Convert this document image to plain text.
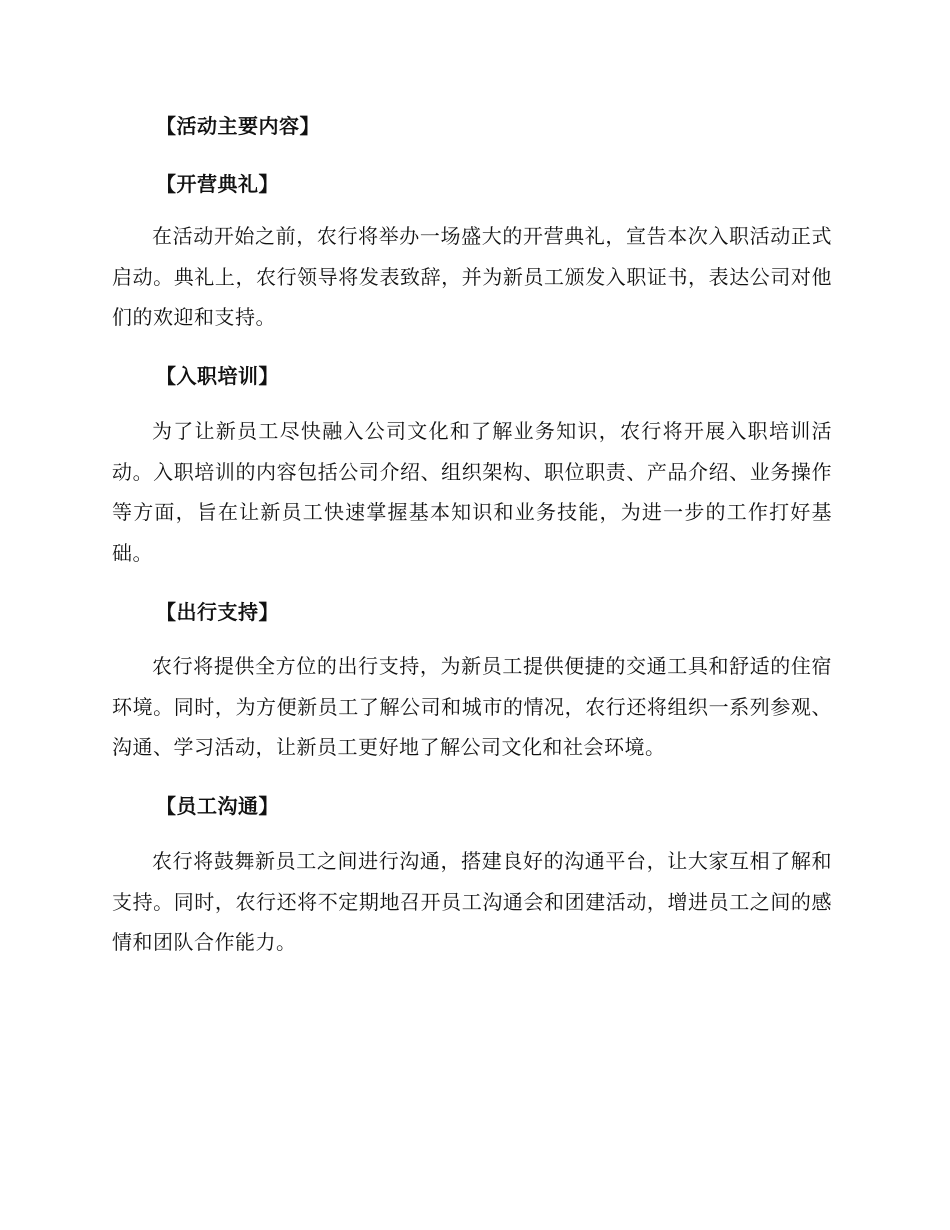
【活动主要内容】
【开营典礼】

在活动开始之前，农行将举办一场盛大的开营典礼，宣告本次入职活动正式启动。典礼上，农行领导将发表致辞，并为新员工颁发入职证书，表达公司对他们的欢迎和支持。

【入职培训】

为了让新员工尽快融入公司文化和了解业务知识，农行将开展入职培训活动。入职培训的内容包括公司介绍、组织架构、职位职责、产品介绍、业务操作等方面，旨在让新员工快速掌握基本知识和业务技能，为进一步的工作打好基础。

【出行支持】

农行将提供全方位的出行支持，为新员工提供便捷的交通工具和舒适的住宿环境。同时，为方便新员工了解公司和城市的情况，农行还将组织一系列参观、沟通、学习活动，让新员工更好地了解公司文化和社会环境。

【员工沟通】

农行将鼓舞新员工之间进行沟通，搭建良好的沟通平台，让大家互相了解和支持。同时，农行还将不定期地召开员工沟通会和团建活动，增进员工之间的感情和团队合作能力。
